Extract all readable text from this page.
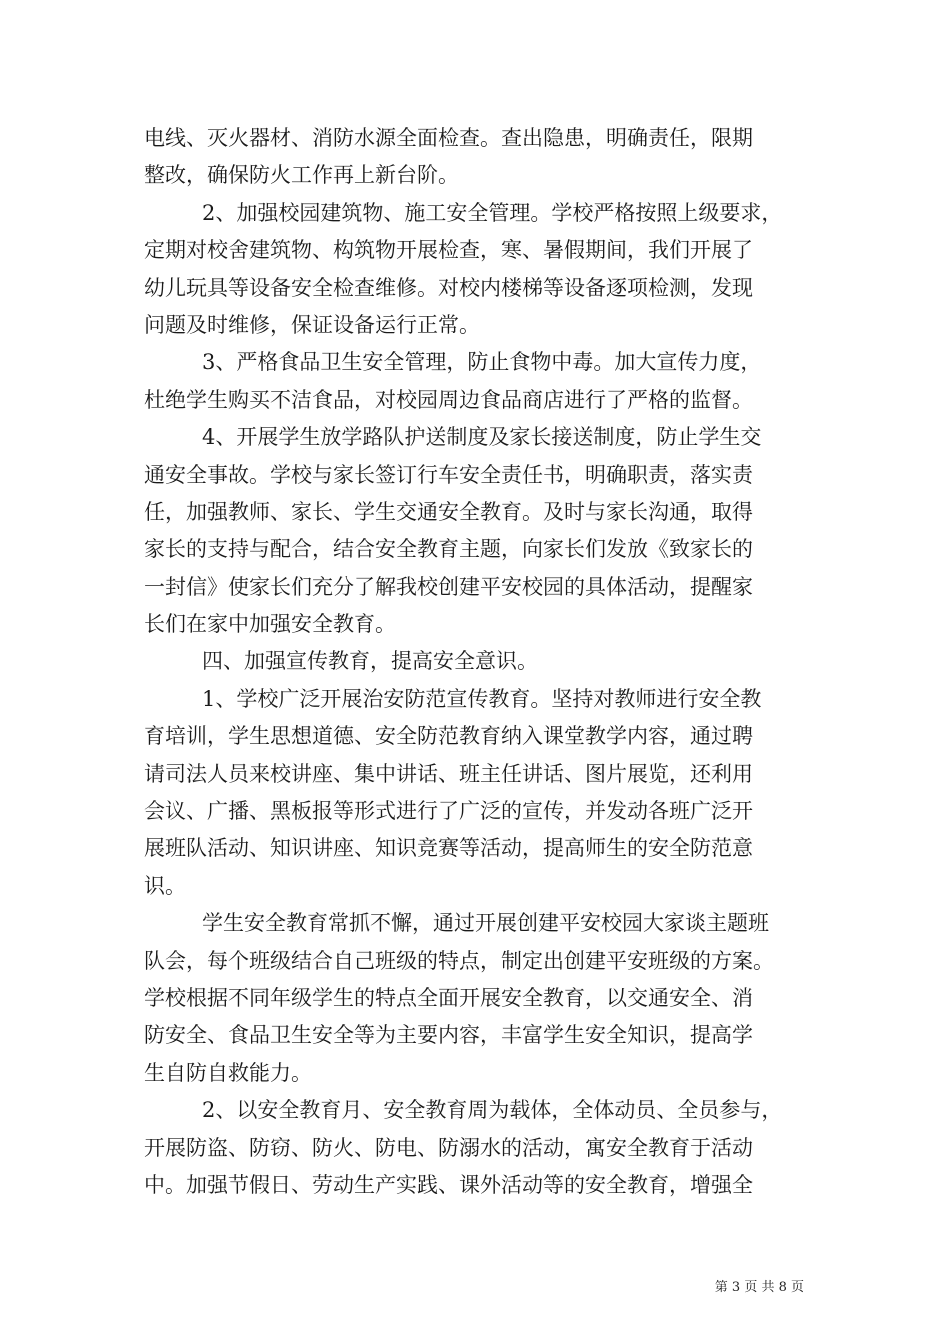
电线、灭火器材、消防水源全面检查。查出隐患，明确责任，限期
整改，确保防火工作再上新台阶。
2、加强校园建筑物、施工安全管理。学校严格按照上级要求，
定期对校舍建筑物、构筑物开展检查，寒、暑假期间，我们开展了
幼儿玩具等设备安全检查维修。对校内楼梯等设备逐项检测，发现
问题及时维修，保证设备运行正常。
3、严格食品卫生安全管理，防止食物中毒。加大宣传力度，
杜绝学生购买不洁食品，对校园周边食品商店进行了严格的监督。
4、开展学生放学路队护送制度及家长接送制度，防止学生交
通安全事故。学校与家长签订行车安全责任书，明确职责，落实责
任，加强教师、家长、学生交通安全教育。及时与家长沟通，取得
家长的支持与配合，结合安全教育主题，向家长们发放《致家长的
一封信》使家长们充分了解我校创建平安校园的具体活动，提醒家
长们在家中加强安全教育。
四、加强宣传教育，提高安全意识。
1、学校广泛开展治安防范宣传教育。坚持对教师进行安全教
育培训，学生思想道德、安全防范教育纳入课堂教学内容，通过聘
请司法人员来校讲座、集中讲话、班主任讲话、图片展览，还利用
会议、广播、黑板报等形式进行了广泛的宣传，并发动各班广泛开
展班队活动、知识讲座、知识竞赛等活动，提高师生的安全防范意
识。
学生安全教育常抓不懈，通过开展创建平安校园大家谈主题班
队会，每个班级结合自己班级的特点，制定出创建平安班级的方案。
学校根据不同年级学生的特点全面开展安全教育，以交通安全、消
防安全、食品卫生安全等为主要内容，丰富学生安全知识，提高学
生自防自救能力。
2、以安全教育月、安全教育周为载体，全体动员、全员参与，
开展防盗、防窃、防火、防电、防溺水的活动，寓安全教育于活动
中。加强节假日、劳动生产实践、课外活动等的安全教育，增强全
第 3 页 共 8 页
